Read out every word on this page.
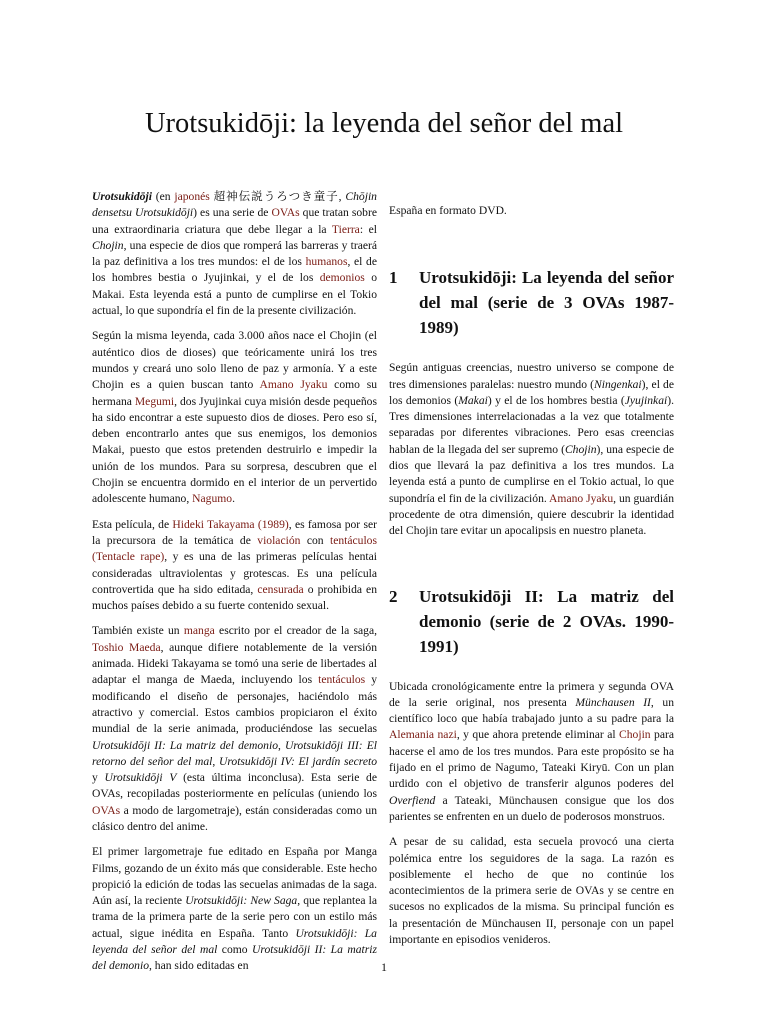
Urotsukidōji: la leyenda del señor del mal

Urotsukidōji (en japonés 超神伝説うろつき童子, Chōjin densetsu Urotsukidōji) es una serie de OVAs que tratan sobre una extraordinaria criatura que debe llegar a la Tierra: el Chojin, una especie de dios que romperá las barreras y traerá la paz definitiva a los tres mundos: el de los humanos, el de los hombres bestia o Jyujinkai, y el de los demonios o Makai. Esta leyenda está a punto de cumplirse en el Tokio actual, lo que supondría el fin de la presente civilización.

Según la misma leyenda, cada 3.000 años nace el Chojin (el auténtico dios de dioses) que teóricamente unirá los tres mundos y creará uno solo lleno de paz y armonía. Y a este Chojin es a quien buscan tanto Amano Jyaku como su hermana Megumi, dos Jyujinkai cuya misión desde pequeños ha sido encontrar a este supuesto dios de dioses. Pero eso sí, deben encontrarlo antes que sus enemigos, los demonios Makai, puesto que estos pretenden destruirlo e impedir la unión de los mundos. Para su sorpresa, descubren que el Chojin se encuentra dormido en el interior de un pervertido adolescente humano, Nagumo.

Esta película, de Hideki Takayama (1989), es famosa por ser la precursora de la temática de violación con tentáculos (Tentacle rape), y es una de las primeras películas hentai consideradas ultraviolentas y grotescas. Es una película controvertida que ha sido editada, censurada o prohibida en muchos países debido a su fuerte contenido sexual.

También existe un manga escrito por el creador de la saga, Toshio Maeda, aunque difiere notablemente de la versión animada. Hideki Takayama se tomó una serie de libertades al adaptar el manga de Maeda, incluyendo los tentáculos y modificando el diseño de personajes, haciéndolo más atractivo y comercial. Estos cambios propiciaron el éxito mundial de la serie animada, produciéndose las secuelas Urotsukidōji II: La matriz del demonio, Urotsukidōji III: El retorno del señor del mal, Urotsukidōji IV: El jardín secreto y Urotsukidōji V (esta última inconclusa). Esta serie de OVAs, recopiladas posteriormente en películas (uniendo los OVAs a modo de largometraje), están consideradas como un clásico dentro del anime.

El primer largometraje fue editado en España por Manga Films, gozando de un éxito más que considerable. Este hecho propició la edición de todas las secuelas animadas de la saga. Aún así, la reciente Urotsukidōji: New Saga, que replantea la trama de la primera parte de la serie pero con un estilo más actual, sigue inédita en España. Tanto Urotsukidōji: La leyenda del señor del mal como Urotsukidōji II: La matriz del demonio, han sido editadas en

España en formato DVD.

1	Urotsukidōji: La leyenda del señor del mal (serie de 3 OVAs 1987-1989)

Según antiguas creencias, nuestro universo se compone de tres dimensiones paralelas: nuestro mundo (Ningenkai), el de los demonios (Makai) y el de los hombres bestia (Jyujinkai). Tres dimensiones interrelacionadas a la vez que totalmente separadas por diferentes vibraciones. Pero esas creencias hablan de la llegada del ser supremo (Chojin), una especie de dios que llevará la paz definitiva a los tres mundos. La leyenda está a punto de cumplirse en el Tokio actual, lo que supondría el fin de la civilización. Amano Jyaku, un guardián procedente de otra dimensión, quiere descubrir la identidad del Chojin tare evitar un apocalipsis en nuestro planeta.

2	Urotsukidōji II: La matriz del demonio (serie de 2 OVAs. 1990-1991)

Ubicada cronológicamente entre la primera y segunda OVA de la serie original, nos presenta Münchausen II, un científico loco que había trabajado junto a su padre para la Alemania nazi, y que ahora pretende eliminar al Chojin para hacerse el amo de los tres mundos. Para este propósito se ha fijado en el primo de Nagumo, Tateaki Kiryū. Con un plan urdido con el objetivo de transferir algunos poderes del Overfiend a Tateaki, Münchausen consigue que los dos parientes se enfrenten en un duelo de poderosos monstruos.

A pesar de su calidad, esta secuela provocó una cierta polémica entre los seguidores de la saga. La razón es posiblemente el hecho de que no continúe los acontecimientos de la primera serie de OVAs y se centre en sucesos no explicados de la misma. Su principal función es la presentación de Münchausen II, personaje con un papel importante en episodios venideros.

1
